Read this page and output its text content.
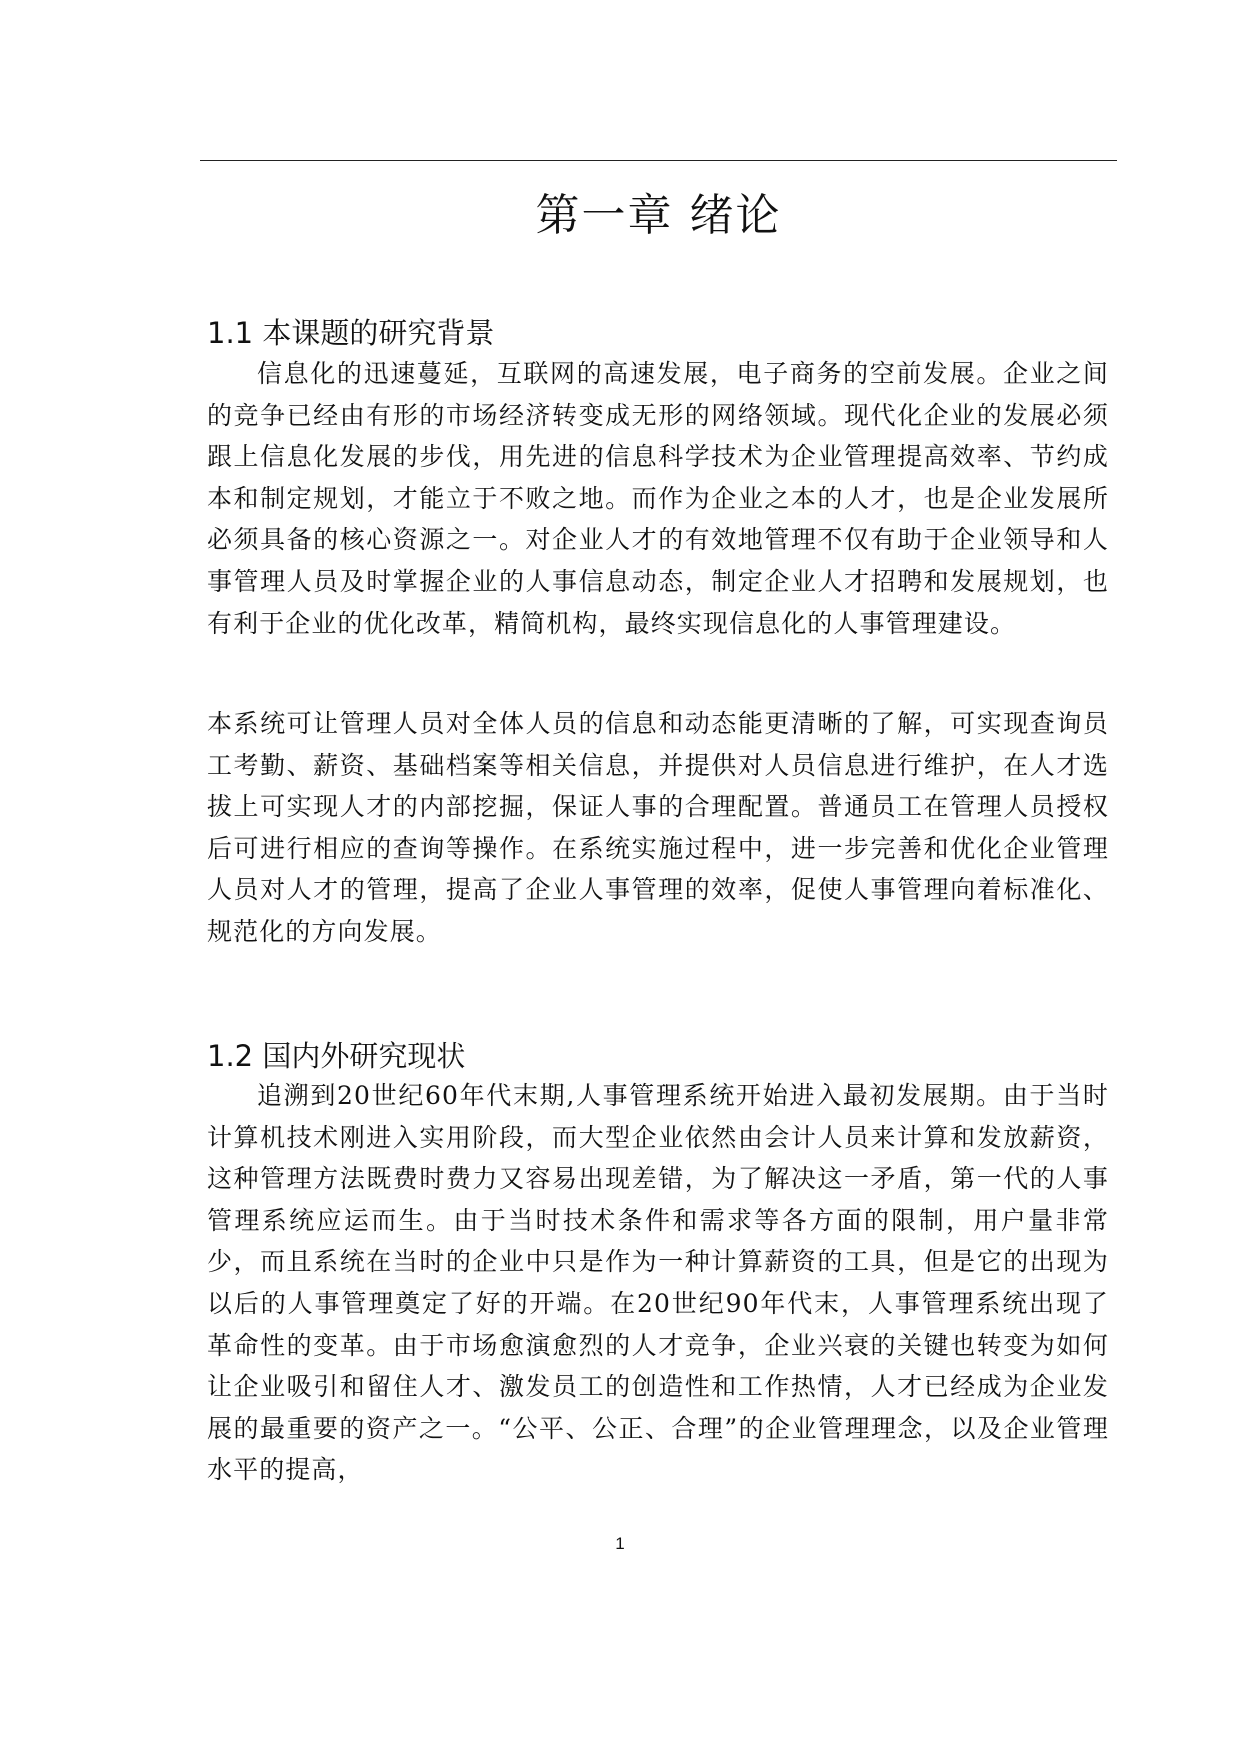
第一章 绪论
1.1 本课题的研究背景

信息化的迅速蔓延，互联网的高速发展，电子商务的空前发展。企业之间的竞争已经由有形的市场经济转变成无形的网络领域。现代化企业的发展必须跟上信息化发展的步伐，用先进的信息科学技术为企业管理提高效率、节约成本和制定规划，才能立于不败之地。而作为企业之本的人才，也是企业发展所必须具备的核心资源之一。对企业人才的有效地管理不仅有助于企业领导和人事管理人员及时掌握企业的人事信息动态，制定企业人才招聘和发展规划，也有利于企业的优化改革，精简机构，最终实现信息化的人事管理建设。

本系统可让管理人员对全体人员的信息和动态能更清晰的了解，可实现查询员工考勤、薪资、基础档案等相关信息，并提供对人员信息进行维护，在人才选拔上可实现人才的内部挖掘，保证人事的合理配置。普通员工在管理人员授权后可进行相应的查询等操作。在系统实施过程中，进一步完善和优化企业管理人员对人才的管理，提高了企业人事管理的效率，促使人事管理向着标准化、规范化的方向发展。

1.2 国内外研究现状

追溯到20世纪60年代末期,人事管理系统开始进入最初发展期。由于当时计算机技术刚进入实用阶段，而大型企业依然由会计人员来计算和发放薪资，这种管理方法既费时费力又容易出现差错，为了解决这一矛盾，第一代的人事管理系统应运而生。由于当时技术条件和需求等各方面的限制，用户量非常少，而且系统在当时的企业中只是作为一种计算薪资的工具，但是它的出现为以后的人事管理奠定了好的开端。在20世纪90年代末，人事管理系统出现了革命性的变革。由于市场愈演愈烈的人才竞争，企业兴衰的关键也转变为如何让企业吸引和留住人才、激发员工的创造性和工作热情，人才已经成为企业发展的最重要的资产之一。“公平、公正、合理”的企业管理理念，以及企业管理水平的提高，

1
